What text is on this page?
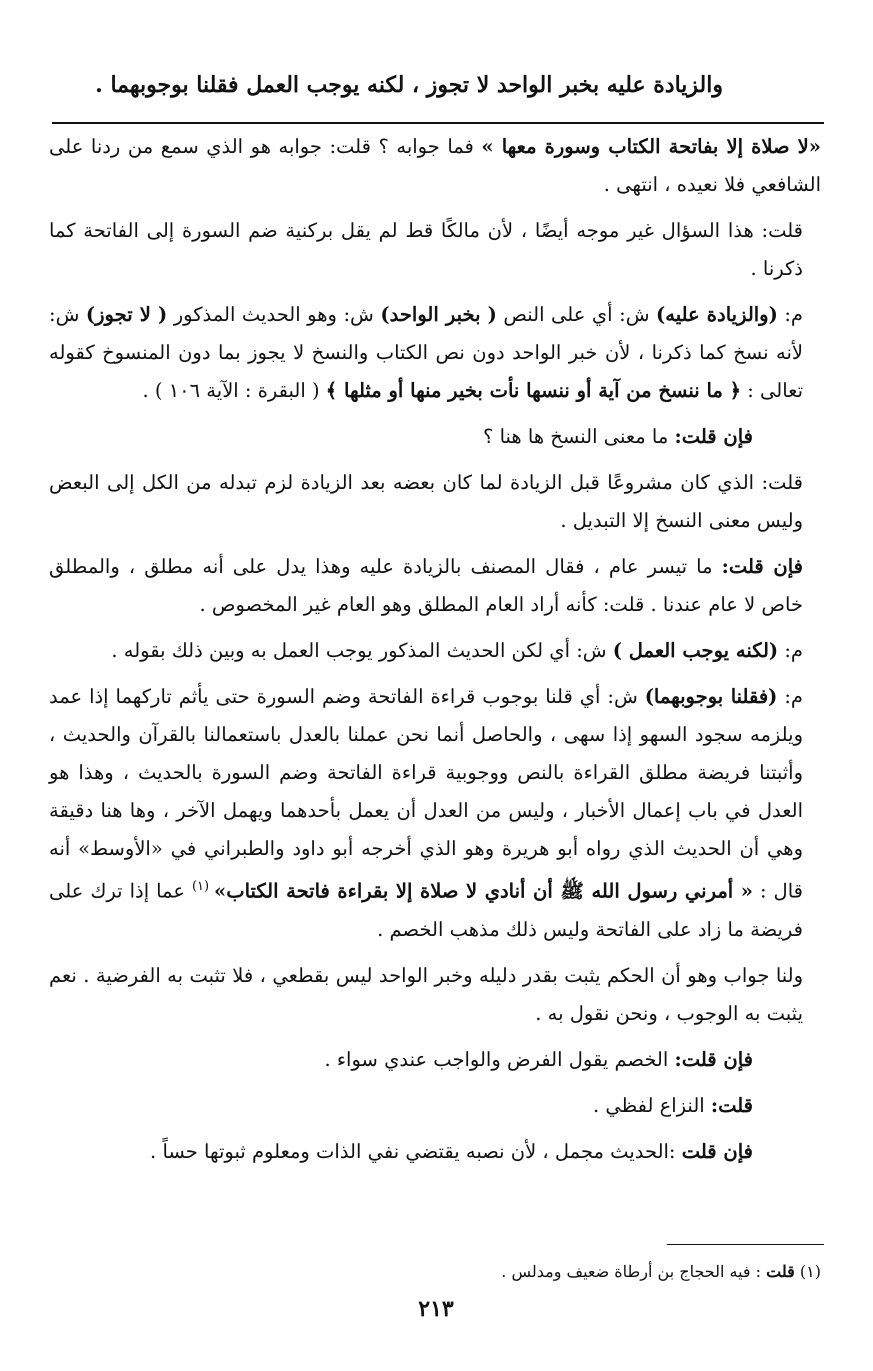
والزيادة عليه بخبر الواحد لا تجوز ، لكنه يوجب العمل فقلنا بوجوبهما .

«لا صلاة إلا بفاتحة الكتاب وسورة معها » فما جوابه ؟ قلت: جوابه هو الذي سمع من ردنا على الشافعي فلا نعيده ، انتهى .

قلت: هذا السؤال غير موجه أيضًا ، لأن مالكًا قط لم يقل بركنية ضم السورة إلى الفاتحة كما ذكرنا .

م: (والزيادة عليه) ش: أي على النص ( بخبر الواحد) ش: وهو الحديث المذكور ( لا تجوز) ش: لأنه نسخ كما ذكرنا ، لأن خبر الواحد دون نص الكتاب والنسخ لا يجوز بما دون المنسوخ كقوله تعالى : ﴿ ما ننسخ من آية أو ننسها نأت بخير منها أو مثلها ﴾ ( البقرة : الآية ١٠٦ ) .

فإن قلت: ما معنى النسخ ها هنا ؟

قلت: الذي كان مشروعًا قبل الزيادة لما كان بعضه بعد الزيادة لزم تبدله من الكل إلى البعض وليس معنى النسخ إلا التبديل .

فإن قلت: ما تيسر عام ، فقال المصنف بالزيادة عليه وهذا يدل على أنه مطلق ، والمطلق خاص لا عام عندنا . قلت: كأنه أراد العام المطلق وهو العام غير المخصوص .

م: (لكنه يوجب العمل ) ش: أي لكن الحديث المذكور يوجب العمل به وبين ذلك بقوله .

م: (فقلنا بوجوبهما) ش: أي قلنا بوجوب قراءة الفاتحة وضم السورة حتى يأثم تاركهما إذا عمد ويلزمه سجود السهو إذا سهى ، والحاصل أنما نحن عملنا بالعدل باستعمالنا بالقرآن والحديث ، وأثبتنا فريضة مطلق القراءة بالنص ووجوبية قراءة الفاتحة وضم السورة بالحديث ، وهذا هو العدل في باب إعمال الأخبار ، وليس من العدل أن يعمل بأحدهما ويهمل الآخر ، وها هنا دقيقة وهي أن الحديث الذي رواه أبو هريرة وهو الذي أخرجه أبو داود والطبراني في «الأوسط» أنه قال : « أمرني رسول الله ﷺ أن أنادي لا صلاة إلا بقراءة فاتحة الكتاب» $^{(١)}$ عما إذا ترك على فريضة ما زاد على الفاتحة وليس ذلك مذهب الخصم .

ولنا جواب وهو أن الحكم يثبت بقدر دليله وخبر الواحد ليس بقطعي ، فلا تثبت به الفرضية . نعم يثبت به الوجوب ، ونحن نقول به .

فإن قلت: الخصم يقول الفرض والواجب عندي سواء .

قلت: النزاع لفظي .

فإن قلت :الحديث مجمل ، لأن نصبه يقتضي نفي الذات ومعلوم ثبوتها حساً .

(١) قلت : فيه الحجاج بن أرطاة ضعيف ومدلس .
٢١٣
